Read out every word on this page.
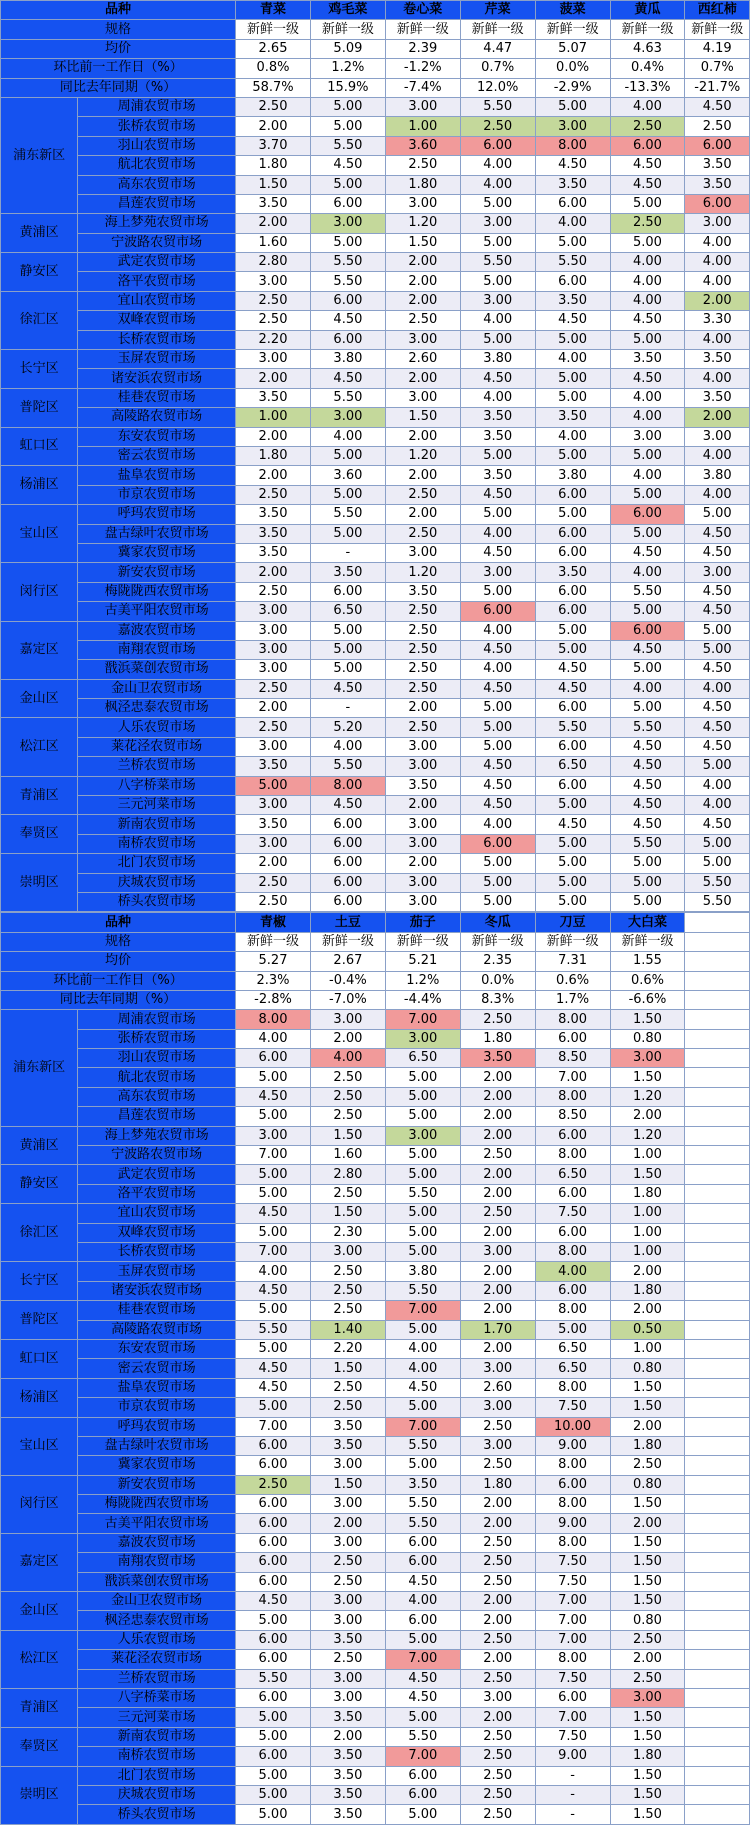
品种		青菜	鸡毛菜	卷心菜	芹菜	菠菜	黄瓜	西红柿
规格		新鲜一级	新鲜一级	新鲜一级	新鲜一级	新鲜一级	新鲜一级	新鲜一级
均价		2.65	5.09	2.39	4.47	5.07	4.63	4.19
环比前一工作日（%）		0.8%	1.2%	-1.2%	0.7%	0.0%	0.4%	0.7%
同比去年同期（%）		58.7%	15.9%	-7.4%	12.0%	-2.9%	-13.3%	-21.7%
浦东新区	周浦农贸市场	2.50	5.00	3.00	5.50	5.00	4.00	4.50
	张桥农贸市场	2.00	5.00	1.00	2.50	3.00	2.50	2.50
	羽山农贸市场	3.70	5.50	3.60	6.00	8.00	6.00	6.00
	航北农贸市场	1.80	4.50	2.50	4.00	4.50	4.50	3.50
	高东农贸市场	1.50	5.00	1.80	4.00	3.50	4.50	3.50
	昌莲农贸市场	3.50	6.00	3.00	5.00	6.00	5.00	6.00
黄浦区	海上梦苑农贸市场	2.00	3.00	1.20	3.00	4.00	2.50	3.00
	宁波路农贸市场	1.60	5.00	1.50	5.00	5.00	5.00	4.00
静安区	武定农贸市场	2.80	5.50	2.00	5.50	5.50	4.00	4.00
	洛平农贸市场	3.00	5.50	2.00	5.00	6.00	4.00	4.00
徐汇区	宜山农贸市场	2.50	6.00	2.00	3.00	3.50	4.00	2.00
	双峰农贸市场	2.50	4.50	2.50	4.00	4.50	4.50	3.30
	长桥农贸市场	2.20	6.00	3.00	5.00	5.00	5.00	4.00
长宁区	玉屏农贸市场	3.00	3.80	2.60	3.80	4.00	3.50	3.50
	诸安浜农贸市场	2.00	4.50	2.00	4.50	5.00	4.50	4.00
普陀区	桂巷农贸市场	3.50	5.50	3.00	4.00	5.00	4.00	3.50
	高陵路农贸市场	1.00	3.00	1.50	3.50	3.50	4.00	2.00
虹口区	东安农贸市场	2.00	4.00	2.00	3.50	4.00	3.00	3.00
	密云农贸市场	1.80	5.00	1.20	5.00	5.00	5.00	4.00
杨浦区	盐阜农贸市场	2.00	3.60	2.00	3.50	3.80	4.00	3.80
	市京农贸市场	2.50	5.00	2.50	4.50	6.00	5.00	4.00
宝山区	呼玛农贸市场	3.50	5.50	2.00	5.00	5.00	6.00	5.00
	盘古绿叶农贸市场	3.50	5.00	2.50	4.00	6.00	5.00	4.50
	冀家农贸市场	3.50	-	3.00	4.50	6.00	4.50	4.50
闵行区	新安农贸市场	2.00	3.50	1.20	3.00	3.50	4.00	3.00
	梅陇陇西农贸市场	2.50	6.00	3.50	5.00	6.00	5.50	4.50
	古美平阳农贸市场	3.00	6.50	2.50	6.00	6.00	5.00	4.50
嘉定区	嘉波农贸市场	3.00	5.00	2.50	4.00	5.00	6.00	5.00
	南翔农贸市场	3.00	5.00	2.50	4.50	5.00	4.50	5.00
	戬浜菜创农贸市场	3.00	5.00	2.50	4.00	4.50	5.00	4.50
金山区	金山卫农贸市场	2.50	4.50	2.50	4.50	4.50	4.00	4.00
	枫泾忠泰农贸市场	2.00	-	2.00	5.00	6.00	5.00	4.50
松江区	人乐农贸市场	2.50	5.20	2.50	5.00	5.50	5.50	4.50
	莱花泾农贸市场	3.00	4.00	3.00	5.00	6.00	4.50	4.50
	兰桥农贸市场	3.50	5.50	3.00	4.50	6.50	4.50	5.00
青浦区	八字桥菜市场	5.00	8.00	3.50	4.50	6.00	4.50	4.00
	三元河菜市场	3.00	4.50	2.00	4.50	5.00	4.50	4.00
奉贤区	新南农贸市场	3.50	6.00	3.00	4.00	4.50	4.50	4.50
	南桥农贸市场	3.00	6.00	3.00	6.00	5.00	5.50	5.00
崇明区	北门农贸市场	2.00	6.00	2.00	5.00	5.00	5.00	5.00
	庆城农贸市场	2.50	6.00	3.00	5.00	5.00	5.00	5.50
	桥头农贸市场	2.50	6.00	3.00	5.00	5.00	5.00	5.50
品种		青椒	土豆	茄子	冬瓜	刀豆	大白菜	
规格		新鲜一级	新鲜一级	新鲜一级	新鲜一级	新鲜一级	新鲜一级	
均价		5.27	2.67	5.21	2.35	7.31	1.55	
环比前一工作日（%）		2.3%	-0.4%	1.2%	0.0%	0.6%	0.6%	
同比去年同期（%）		-2.8%	-7.0%	-4.4%	8.3%	1.7%	-6.6%	
浦东新区	周浦农贸市场	8.00	3.00	7.00	2.50	8.00	1.50	
	张桥农贸市场	4.00	2.00	3.00	1.80	6.00	0.80	
	羽山农贸市场	6.00	4.00	6.50	3.50	8.50	3.00	
	航北农贸市场	5.00	2.50	5.00	2.00	7.00	1.50	
	高东农贸市场	4.50	2.50	5.00	2.00	8.00	1.20	
	昌莲农贸市场	5.00	2.50	5.00	2.00	8.50	2.00	
黄浦区	海上梦苑农贸市场	3.00	1.50	3.00	2.00	6.00	1.20	
	宁波路农贸市场	7.00	1.60	5.00	2.50	8.00	1.00	
静安区	武定农贸市场	5.00	2.80	5.00	2.00	6.50	1.50	
	洛平农贸市场	5.00	2.50	5.50	2.00	6.00	1.80	
徐汇区	宜山农贸市场	4.50	1.50	5.00	2.50	7.50	1.00	
	双峰农贸市场	5.00	2.30	5.00	2.00	6.00	1.00	
	长桥农贸市场	7.00	3.00	5.00	3.00	8.00	1.00	
长宁区	玉屏农贸市场	4.00	2.50	3.80	2.00	4.00	2.00	
	诸安浜农贸市场	4.50	2.50	5.50	2.00	6.00	1.80	
普陀区	桂巷农贸市场	5.00	2.50	7.00	2.00	8.00	2.00	
	高陵路农贸市场	5.50	1.40	5.00	1.70	5.00	0.50	
虹口区	东安农贸市场	5.00	2.20	4.00	2.00	6.50	1.00	
	密云农贸市场	4.50	1.50	4.00	3.00	6.50	0.80	
杨浦区	盐阜农贸市场	4.50	2.50	4.50	2.60	8.00	1.50	
	市京农贸市场	5.00	2.50	5.00	3.00	7.50	1.50	
宝山区	呼玛农贸市场	7.00	3.50	7.00	2.50	10.00	2.00	
	盘古绿叶农贸市场	6.00	3.50	5.50	3.00	9.00	1.80	
	冀家农贸市场	6.00	3.00	5.00	2.50	8.00	2.50	
闵行区	新安农贸市场	2.50	1.50	3.50	1.80	6.00	0.80	
	梅陇陇西农贸市场	6.00	3.00	5.50	2.00	8.00	1.50	
	古美平阳农贸市场	6.00	2.00	5.50	2.00	9.00	2.00	
嘉定区	嘉波农贸市场	6.00	3.00	6.00	2.50	8.00	1.50	
	南翔农贸市场	6.00	2.50	6.00	2.50	7.50	1.50	
	戬浜菜创农贸市场	6.00	2.50	4.50	2.50	7.50	1.50	
金山区	金山卫农贸市场	4.50	3.00	4.00	2.00	7.00	1.50	
	枫泾忠泰农贸市场	5.00	3.00	6.00	2.00	7.00	0.80	
松江区	人乐农贸市场	6.00	3.50	5.00	2.50	7.00	2.50	
	莱花泾农贸市场	6.00	2.50	7.00	2.00	8.00	2.00	
	兰桥农贸市场	5.50	3.00	4.50	2.50	7.50	2.50	
青浦区	八字桥菜市场	6.00	3.00	4.50	3.00	6.00	3.00	
	三元河菜市场	5.00	3.50	5.00	2.00	7.00	1.50	
奉贤区	新南农贸市场	5.00	2.00	5.50	2.50	7.50	1.50	
	南桥农贸市场	6.00	3.50	7.00	2.50	9.00	1.80	
崇明区	北门农贸市场	5.00	3.50	6.00	2.50	-	1.50	
	庆城农贸市场	5.00	3.50	6.00	2.50	-	1.50	
	桥头农贸市场	5.00	3.50	5.00	2.50	-	1.50	
